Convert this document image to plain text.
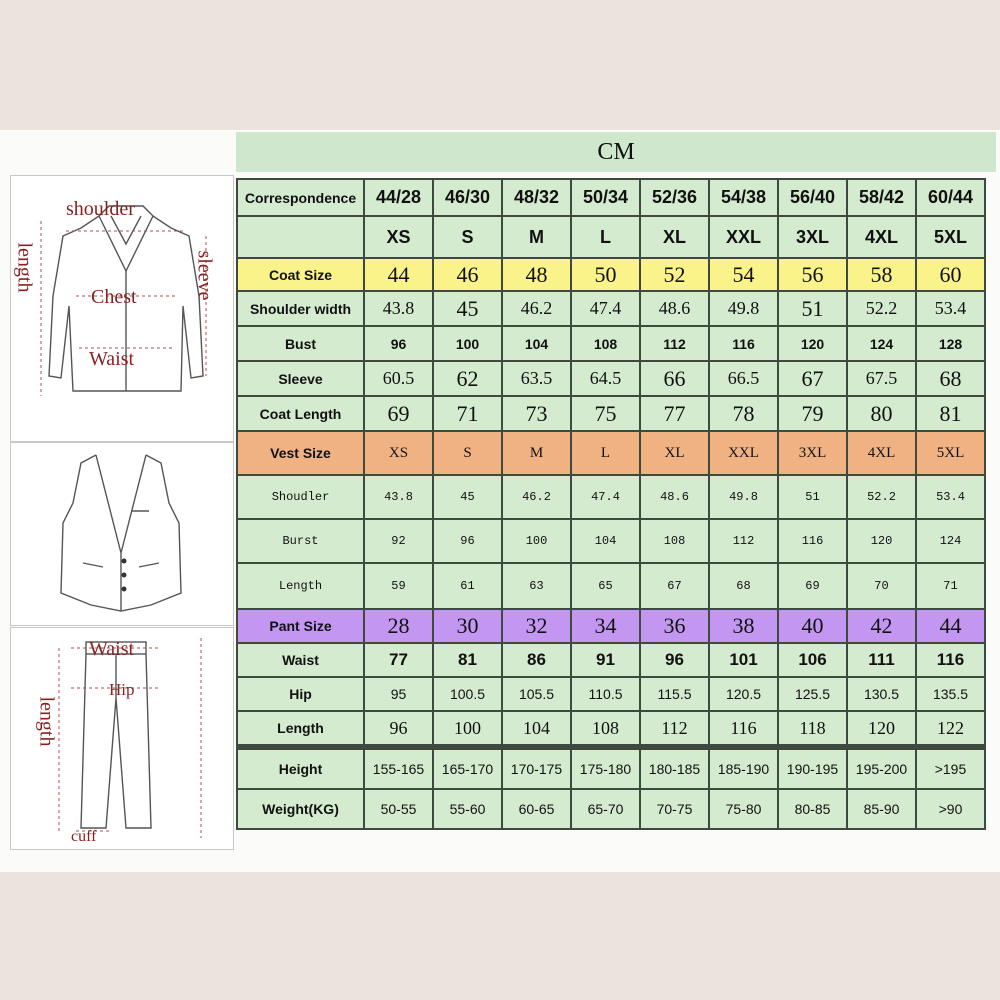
CM
shoulder
Chest
Waist
length	sleeve
Waist
Hip
length
cuff
Correspondence	44/28	46/30	48/32	50/34	52/36	54/38	56/40	58/42	60/44
	XS	S	M	L	XL	XXL	3XL	4XL	5XL
Coat Size	44	46	48	50	52	54	56	58	60
Shoulder width	43.8	45	46.2	47.4	48.6	49.8	51	52.2	53.4
Bust	96	100	104	108	112	116	120	124	128
Sleeve	60.5	62	63.5	64.5	66	66.5	67	67.5	68
Coat Length	69	71	73	75	77	78	79	80	81
Vest Size	XS	S	M	L	XL	XXL	3XL	4XL	5XL
Shoudler	43.8	45	46.2	47.4	48.6	49.8	51	52.2	53.4
Burst	92	96	100	104	108	112	116	120	124
Length	59	61	63	65	67	68	69	70	71
Pant Size	28	30	32	34	36	38	40	42	44
Waist	77	81	86	91	96	101	106	111	116
Hip	95	100.5	105.5	110.5	115.5	120.5	125.5	130.5	135.5
Length	96	100	104	108	112	116	118	120	122

Height	155-165	165-170	170-175	175-180	180-185	185-190	190-195	195-200	>195
Weight(KG)	50-55	55-60	60-65	65-70	70-75	75-80	80-85	85-90	>90
